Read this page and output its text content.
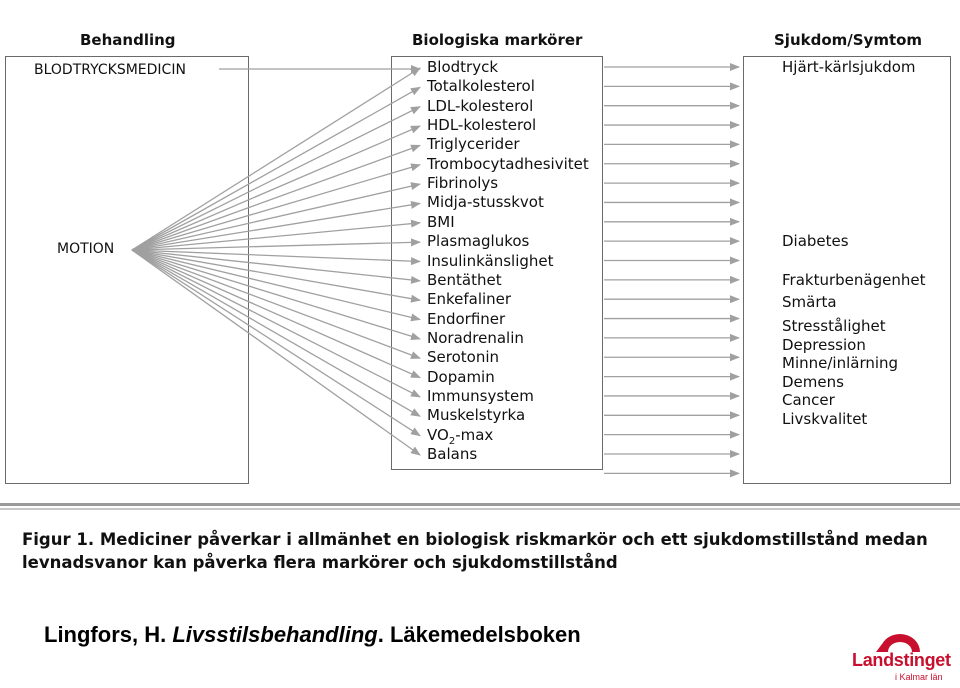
Behandling	Biologiska markörer	Sjukdom/Symtom
BLODTRYCKSMEDICIN
MOTION
Blodtryck
Totalkolesterol
LDL-kolesterol
HDL-kolesterol
Triglycerider
Trombocytadhesivitet
Fibrinolys
Midja-stusskvot
BMI
Plasmaglukos
Insulinkänslighet
Bentäthet
Enkefaliner
Endorfiner
Noradrenalin
Serotonin
Dopamin
Immunsystem
Muskelstyrka
$VO_2-\max$
Balans
Hjärt-kärlsjukdom
Diabetes
Frakturbenägenhet
Smärta
Stresstålighet
Depression
Minne/inlärning
Demens
Cancer
Livskvalitet
Figur 1. Mediciner påverkar i allmänhet en biologisk riskmarkör och ett sjukdomstillstånd medan levnadsvanor kan påverka flera markörer och sjukdomstillstånd
Lingfors, H. Livsstilsbehandling. Läkemedelsboken
Landstinget
i Kalmar län
